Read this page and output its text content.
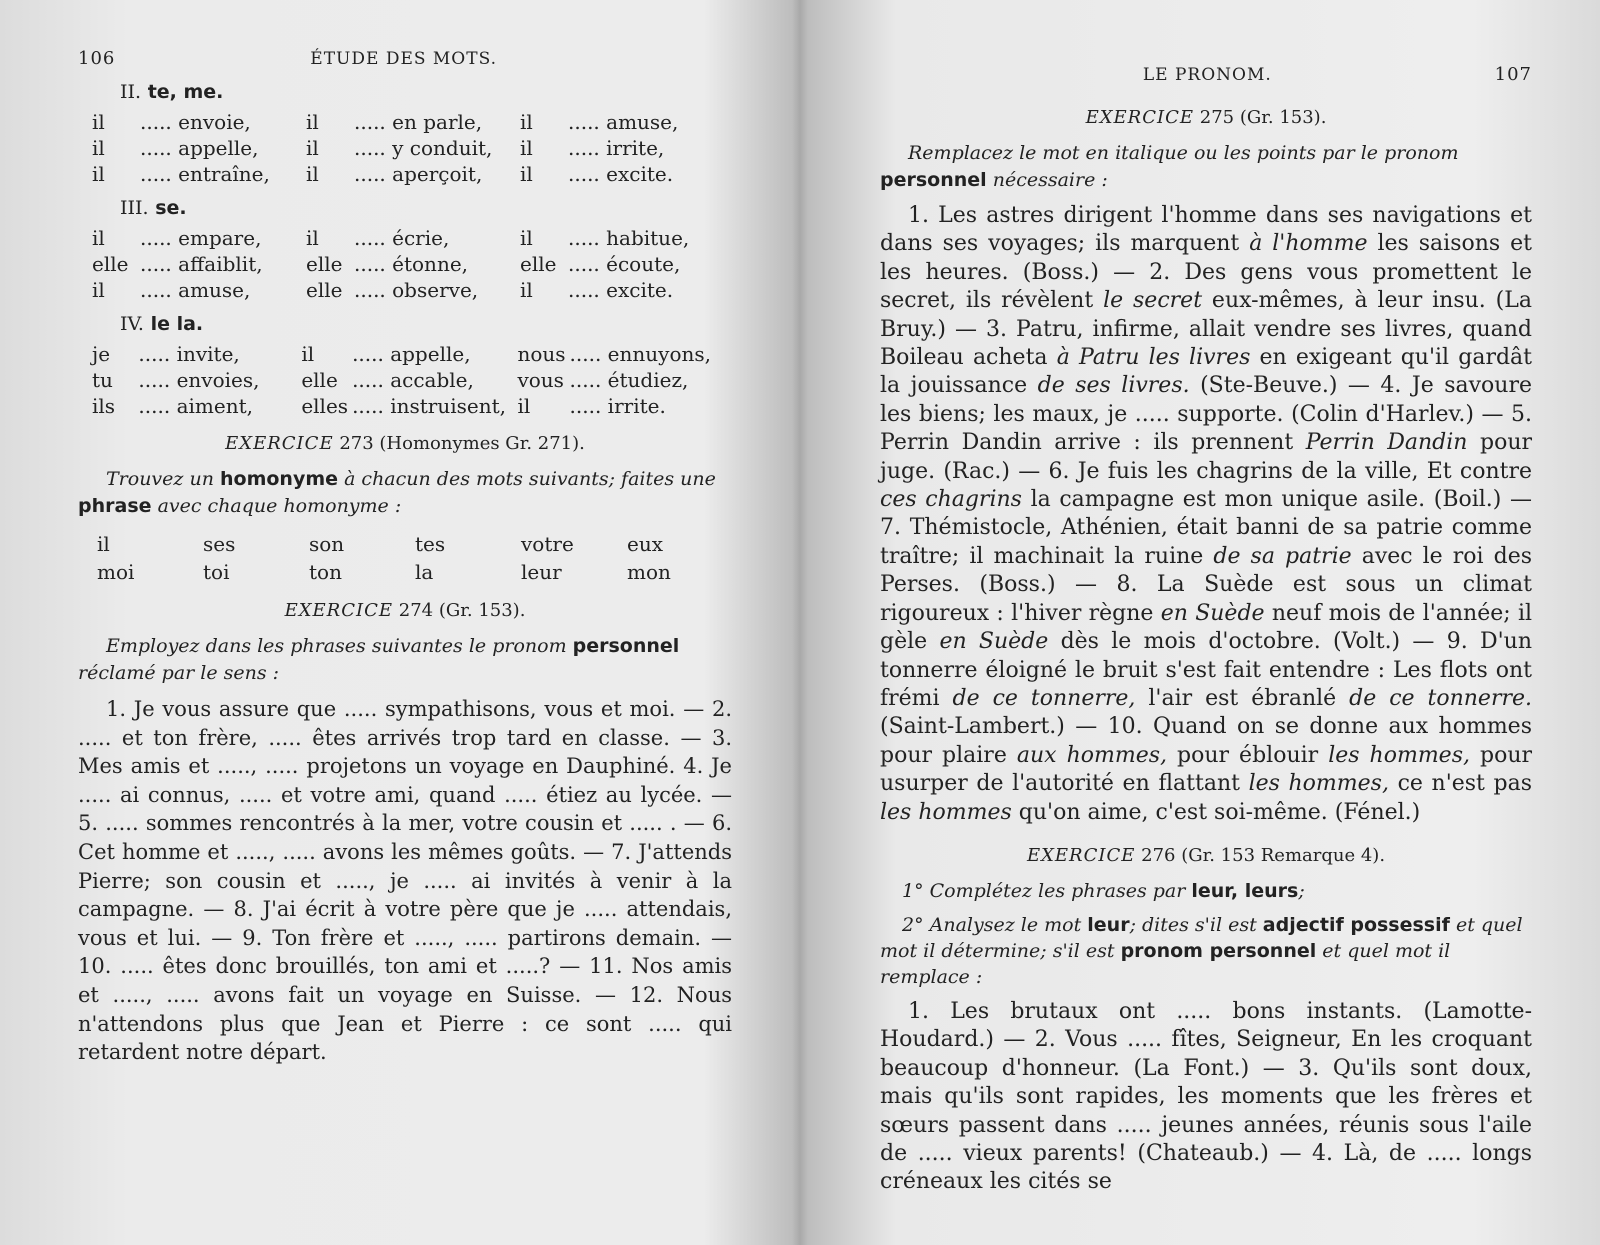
106	ÉTUDE DES MOTS.
II. te, me.
il	..... envoie,	il	..... en parle,	il	..... amuse,
il	..... appelle,	il	..... y conduit,	il	..... irrite,
il	..... entraîne,	il	..... aperçoit,	il	..... excite.
III. se.
il	..... empare,	il	..... écrie,	il	..... habitue,
elle	..... affaiblit,	elle	..... étonne,	elle	..... écoute,
il	..... amuse,	elle	..... observe,	il	..... excite.
IV. le la.
je	..... invite,	il	..... appelle,	nous	..... ennuyons,
tu	..... envoies,	elle	..... accable,	vous	..... étudiez,
ils	..... aiment,	elles	..... instruisent,	il	..... irrite.
EXERCICE 273 (Homonymes Gr. 271).

Trouvez un homonyme à chacun des mots suivants; faites une phrase avec chaque homonyme :

il	ses	son	tes	votre	eux
moi	toi	ton	la	leur	mon
EXERCICE 274 (Gr. 153).

Employez dans les phrases suivantes le pronom personnel réclamé par le sens :

1. Je vous assure que ..... sympathisons, vous et moi. — 2. ..... et ton frère, ..... êtes arrivés trop tard en classe. — 3. Mes amis et ....., ..... projetons un voyage en Dauphiné. 4. Je ..... ai connus, ..... et votre ami, quand ..... étiez au lycée. — 5. ..... sommes rencontrés à la mer, votre cousin et ..... . — 6. Cet homme et ....., ..... avons les mêmes goûts. — 7. J'attends Pierre; son cousin et ....., je ..... ai invités à venir à la campagne. — 8. J'ai écrit à votre père que je ..... attendais, vous et lui. — 9. Ton frère et ....., ..... partirons demain. — 10. ..... êtes donc brouillés, ton ami et .....? — 11. Nos amis et ....., ..... avons fait un voyage en Suisse. — 12. Nous n'attendons plus que Jean et Pierre : ce sont ..... qui retardent notre départ.

LE PRONOM.	107
EXERCICE 275 (Gr. 153).

Remplacez le mot en italique ou les points par le pronom personnel nécessaire :

1. Les astres dirigent l'homme dans ses navigations et dans ses voyages; ils marquent à l'homme les saisons et les heures. (Boss.) — 2. Des gens vous promettent le secret, ils révèlent le secret eux-mêmes, à leur insu. (La Bruy.) — 3. Patru, infirme, allait vendre ses livres, quand Boileau acheta à Patru les livres en exigeant qu'il gardât la jouissance de ses livres. (Ste-Beuve.) — 4. Je savoure les biens; les maux, je ..... supporte. (Colin d'Harlev.) — 5. Perrin Dandin arrive : ils prennent Perrin Dandin pour juge. (Rac.) — 6. Je fuis les chagrins de la ville, Et contre ces chagrins la campagne est mon unique asile. (Boil.) — 7. Thémistocle, Athénien, était banni de sa patrie comme traître; il machinait la ruine de sa patrie avec le roi des Perses. (Boss.) — 8. La Suède est sous un climat rigoureux : l'hiver règne en Suède neuf mois de l'année; il gèle en Suède dès le mois d'octobre. (Volt.) — 9. D'un tonnerre éloigné le bruit s'est fait entendre : Les flots ont frémi de ce tonnerre, l'air est ébranlé de ce tonnerre. (Saint-Lambert.) — 10. Quand on se donne aux hommes pour plaire aux hommes, pour éblouir les hommes, pour usurper de l'autorité en flattant les hommes, ce n'est pas les hommes qu'on aime, c'est soi-même. (Fénel.)

EXERCICE 276 (Gr. 153 Remarque 4).

1° Complétez les phrases par leur, leurs;

2° Analysez le mot leur; dites s'il est adjectif possessif et quel mot il détermine; s'il est pronom personnel et quel mot il remplace :

1. Les brutaux ont ..... bons instants. (Lamotte-Houdard.) — 2. Vous ..... fîtes, Seigneur, En les croquant beaucoup d'honneur. (La Font.) — 3. Qu'ils sont doux, mais qu'ils sont rapides, les moments que les frères et sœurs passent dans ..... jeunes années, réunis sous l'aile de ..... vieux parents! (Chateaub.) — 4. Là, de ..... longs créneaux les cités se
